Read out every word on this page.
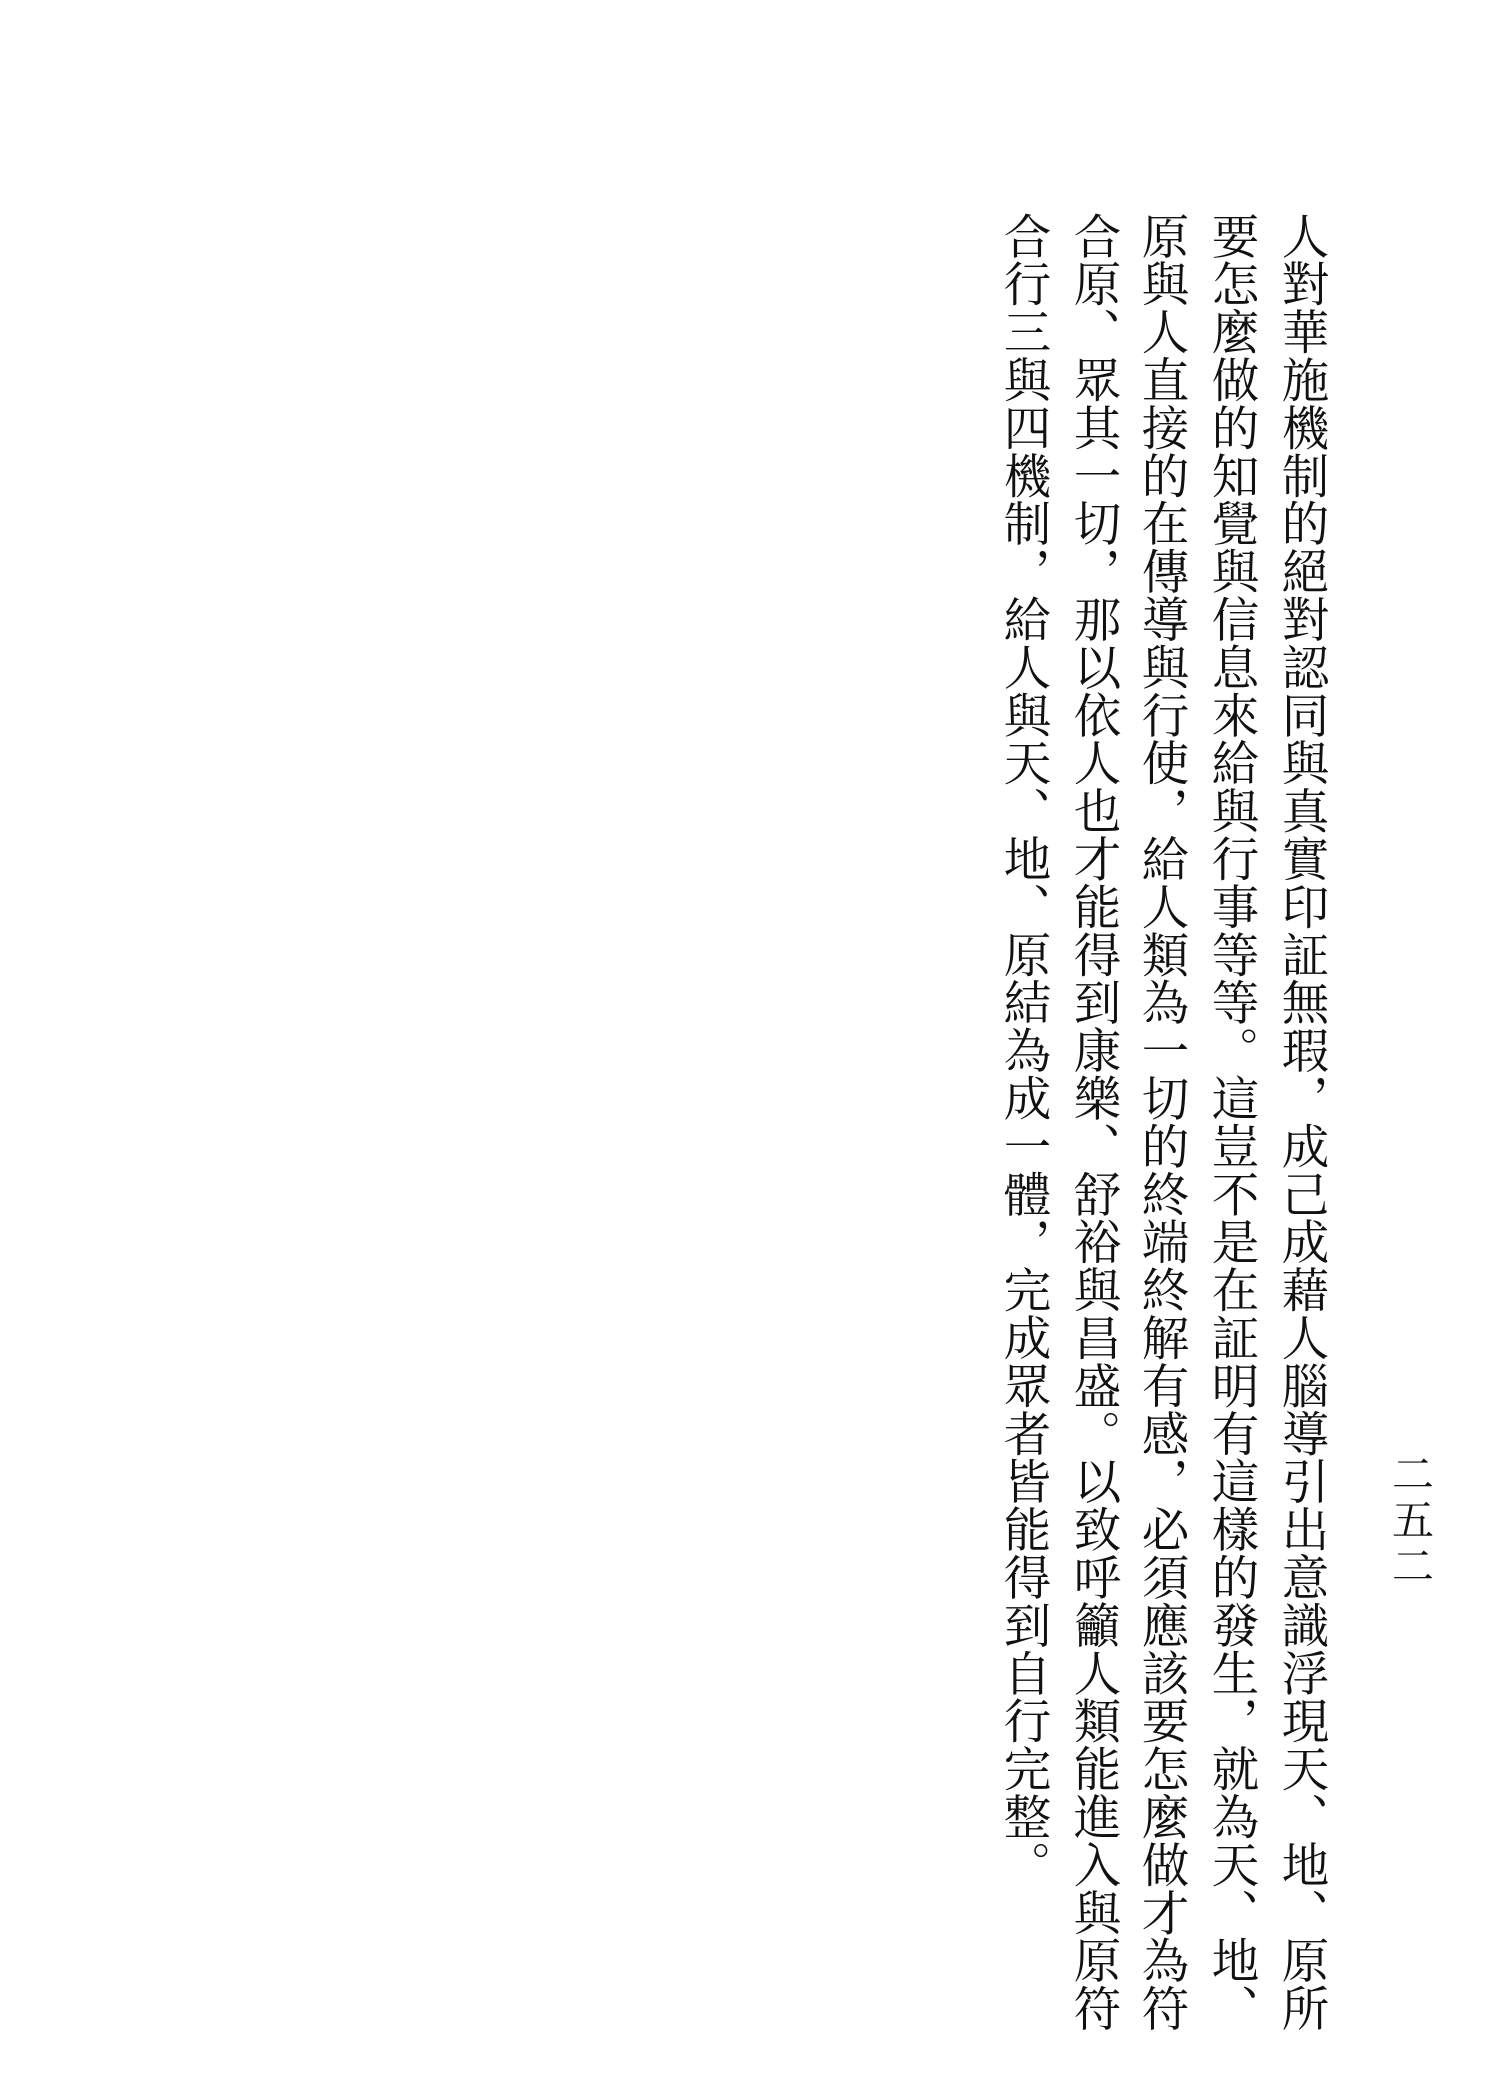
二五二
人對華施機制的絕對認同與真實印証無瑕，成己成藉人腦導引出意識浮現天、地、原所
要怎麼做的知覺與信息來給與行事等等。這豈不是在証明有這樣的發生，就為天、地、
原與人直接的在傳導與行使，給人類為一切的終端終解有感，必須應該要怎麼做才為符
合原、眾其一切，那以依人也才能得到康樂、舒裕與昌盛。以致呼籲人類能進入與原符
合行三與四機制，給人與天、地、原結為成一體，完成眾者皆能得到自行完整。
